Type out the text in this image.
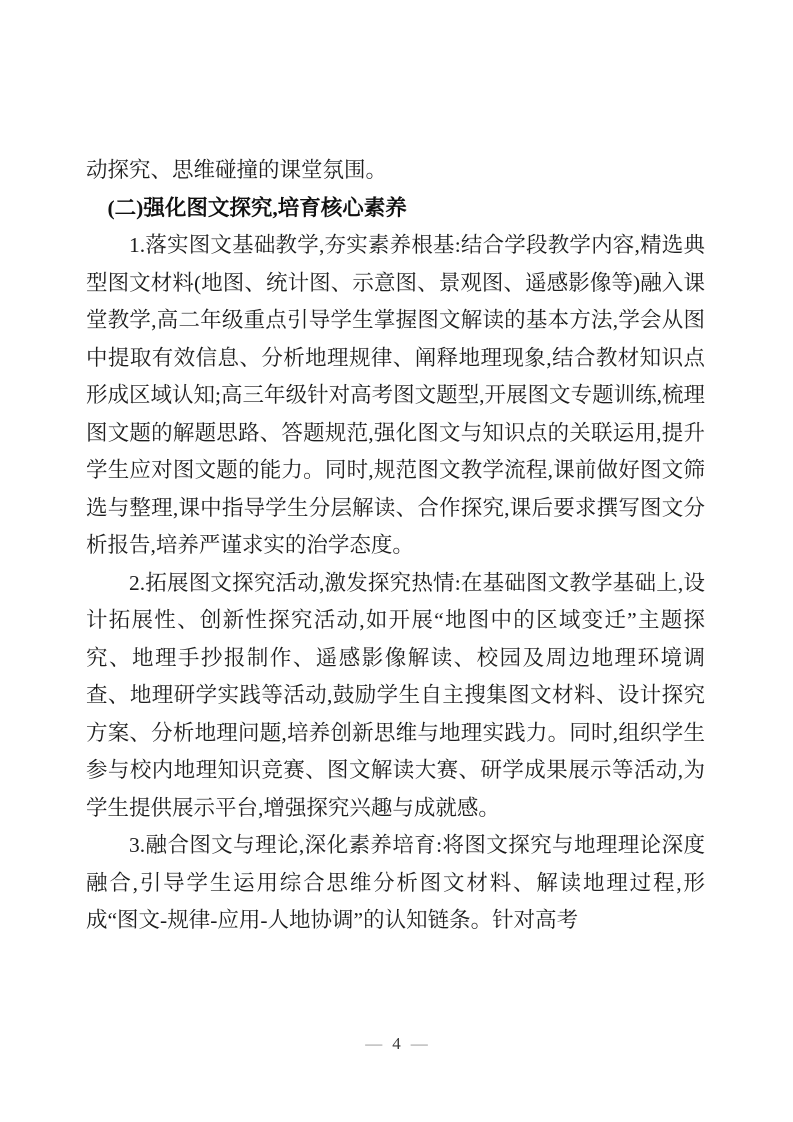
动探究、思维碰撞的课堂氛围。

(二)强化图文探究,培育核心素养

1.落实图文基础教学,夯实素养根基:结合学段教学内容,精选典型图文材料(地图、统计图、示意图、景观图、遥感影像等)融入课堂教学,高二年级重点引导学生掌握图文解读的基本方法,学会从图中提取有效信息、分析地理规律、阐释地理现象,结合教材知识点形成区域认知;高三年级针对高考图文题型,开展图文专题训练,梳理图文题的解题思路、答题规范,强化图文与知识点的关联运用,提升学生应对图文题的能力。同时,规范图文教学流程,课前做好图文筛选与整理,课中指导学生分层解读、合作探究,课后要求撰写图文分析报告,培养严谨求实的治学态度。

2.拓展图文探究活动,激发探究热情:在基础图文教学基础上,设计拓展性、创新性探究活动,如开展“地图中的区域变迁”主题探究、地理手抄报制作、遥感影像解读、校园及周边地理环境调查、地理研学实践等活动,鼓励学生自主搜集图文材料、设计探究方案、分析地理问题,培养创新思维与地理实践力。同时,组织学生参与校内地理知识竞赛、图文解读大赛、研学成果展示等活动,为学生提供展示平台,增强探究兴趣与成就感。

3.融合图文与理论,深化素养培育:将图文探究与地理理论深度融合,引导学生运用综合思维分析图文材料、解读地理过程,形成“图文-规律-应用-人地协调”的认知链条。针对高考

— 4 —
